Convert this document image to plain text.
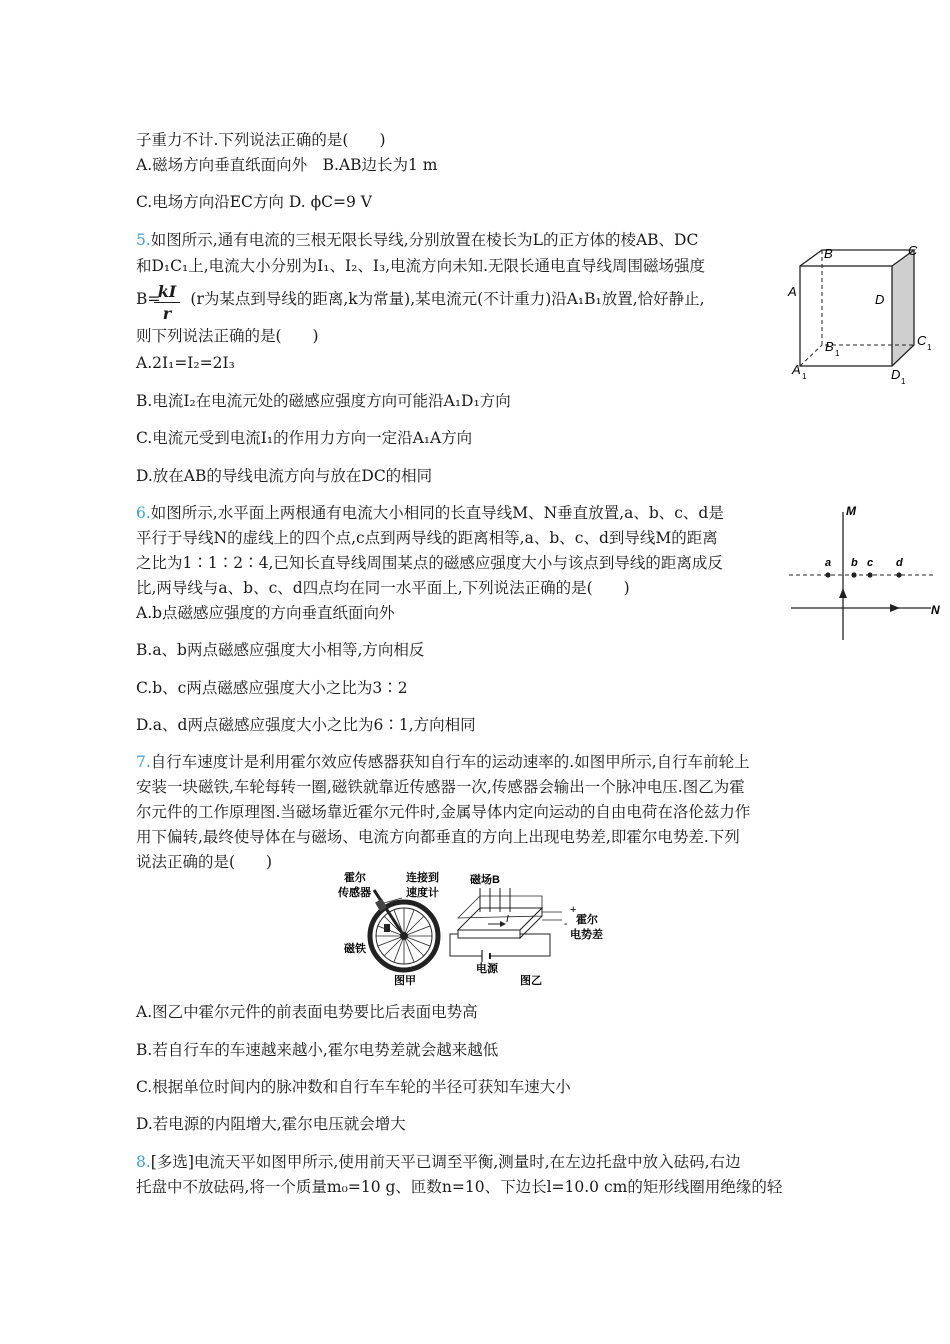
子重力不计.下列说法正确的是(　　)
A.磁场方向垂直纸面向外　B.AB边长为1 m
C.电场方向沿EC方向 D. ϕC=9 V
5.如图所示,通有电流的三根无限长导线,分别放置在棱长为L的正方体的棱AB、DC
和D₁C₁上,电流大小分别为I₁、I₂、I₃,电流方向未知.无限长通电直导线周围磁场强度
B= (r为某点到导线的距离,k为常量),某电流元(不计重力)沿A₁B₁放置,恰好静止,
kI
r
则下列说法正确的是(　　)
A.2I₁=I₂=2I₃
B.电流I₂在电流元处的磁感应强度方向可能沿A₁D₁方向
C.电流元受到电流I₁的作用力方向一定沿A₁A方向
D.放在AB的导线电流方向与放在DC的相同
6.如图所示,水平面上两根通有电流大小相同的长直导线M、N垂直放置,a、b、c、d是
平行于导线N的虚线上的四个点,c点到两导线的距离相等,a、b、c、d到导线M的距离
之比为1∶1∶2∶4,已知长直导线周围某点的磁感应强度大小与该点到导线的距离成反
比,两导线与a、b、c、d四点均在同一水平面上,下列说法正确的是(　　)
A.b点磁感应强度的方向垂直纸面向外
B.a、b两点磁感应强度大小相等,方向相反
C.b、c两点磁感应强度大小之比为3∶2
D.a、d两点磁感应强度大小之比为6∶1,方向相同
7.自行车速度计是利用霍尔效应传感器获知自行车的运动速率的.如图甲所示,自行车前轮上
安装一块磁铁,车轮每转一圈,磁铁就靠近传感器一次,传感器会输出一个脉冲电压.图乙为霍
尔元件的工作原理图.当磁场靠近霍尔元件时,金属导体内定向运动的自由电荷在洛伦兹力作
用下偏转,最终使导体在与磁场、电流方向都垂直的方向上出现电势差,即霍尔电势差.下列
说法正确的是(　　)
A.图乙中霍尔元件的前表面电势要比后表面电势高
B.若自行车的车速越来越小,霍尔电势差就会越来越低
C.根据单位时间内的脉冲数和自行车车轮的半径可获知车速大小
D.若电源的内阻增大,霍尔电压就会增大
8.[多选]电流天平如图甲所示,使用前天平已调至平衡,测量时,在左边托盘中放入砝码,右边
托盘中不放砝码,将一个质量m₀=10 g、匝数n=10、下边长l=10.0 cm的矩形线圈用绝缘的轻
B	C
A
D
B 1
C 1
A 1	D 1
M
N
a b c d
霍尔
传感器
连接到
速度计
磁铁
图甲
磁场B
I
+
- 霍尔
电势差
电源
图乙
